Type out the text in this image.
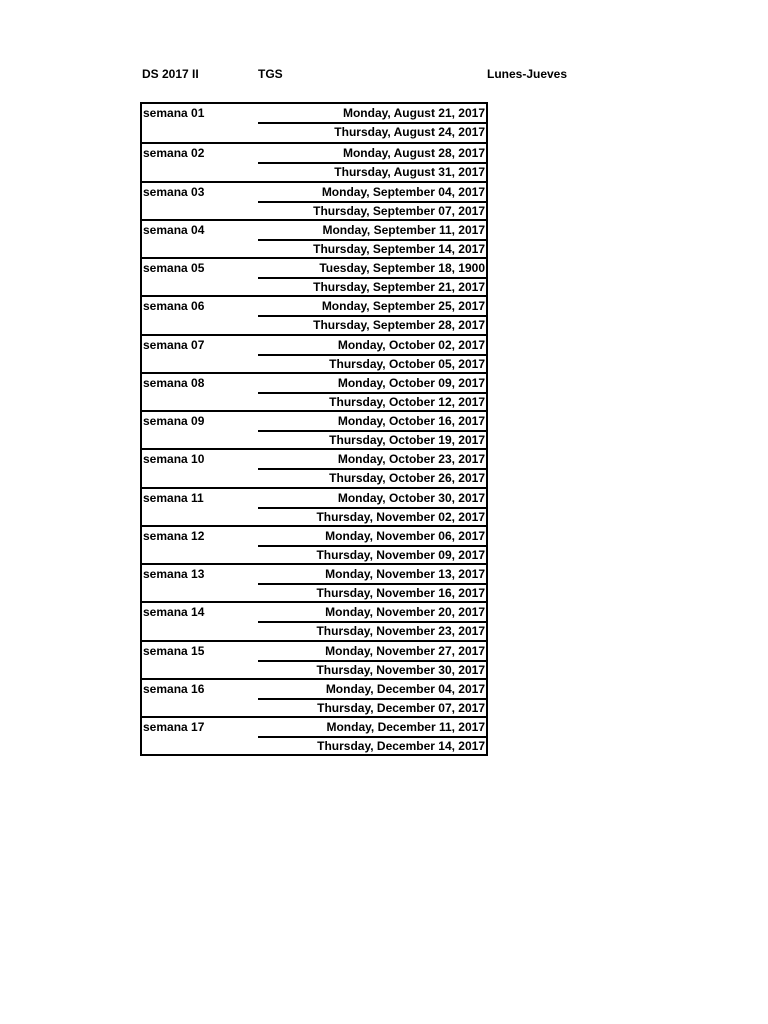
DS 2017 II	TGS	Lunes-Jueves
semana 01	Monday, August 21, 2017
Thursday, August 24, 2017
semana 02	Monday, August 28, 2017
Thursday, August 31, 2017
semana 03	Monday, September 04, 2017
Thursday, September 07, 2017
semana 04	Monday, September 11, 2017
Thursday, September 14, 2017
semana 05	Tuesday, September 18, 1900
Thursday, September 21, 2017
semana 06	Monday, September 25, 2017
Thursday, September 28, 2017
semana 07	Monday, October 02, 2017
Thursday, October 05, 2017
semana 08	Monday, October 09, 2017
Thursday, October 12, 2017
semana 09	Monday, October 16, 2017
Thursday, October 19, 2017
semana 10	Monday, October 23, 2017
Thursday, October 26, 2017
semana 11	Monday, October 30, 2017
Thursday, November 02, 2017
semana 12	Monday, November 06, 2017
Thursday, November 09, 2017
semana 13	Monday, November 13, 2017
Thursday, November 16, 2017
semana 14	Monday, November 20, 2017
Thursday, November 23, 2017
semana 15	Monday, November 27, 2017
Thursday, November 30, 2017
semana 16	Monday, December 04, 2017
Thursday, December 07, 2017
semana 17	Monday, December 11, 2017
Thursday, December 14, 2017
